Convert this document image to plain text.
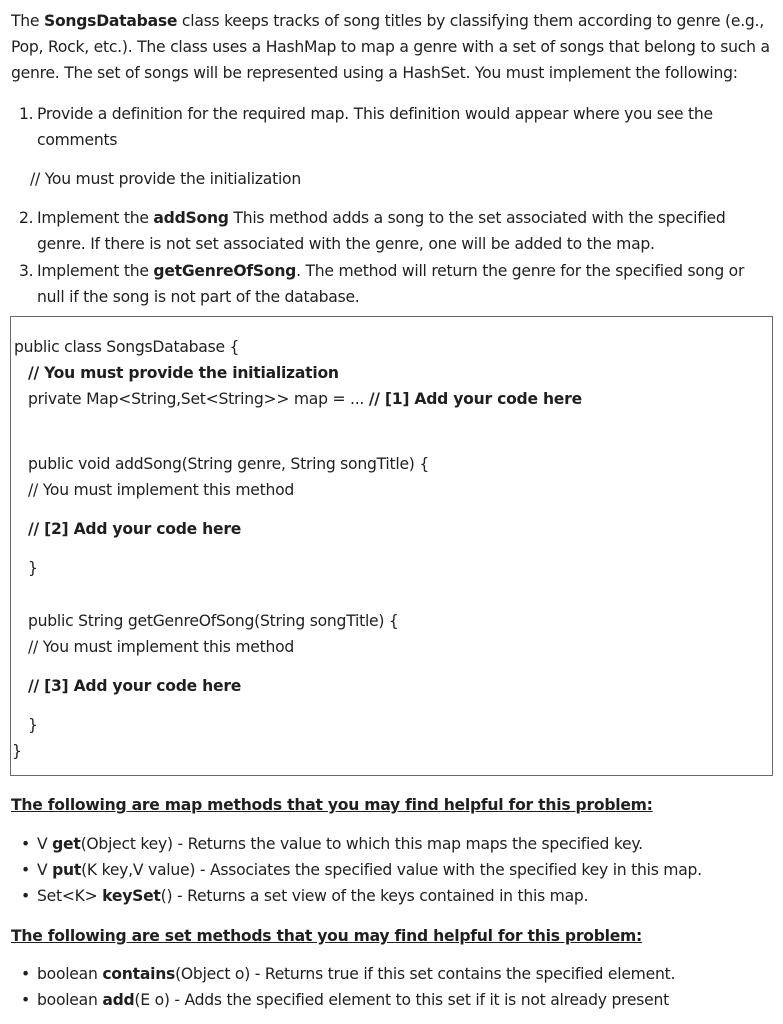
The SongsDatabase class keeps tracks of song titles by classifying them according to genre (e.g., Pop, Rock, etc.). The class uses a HashMap to map a genre with a set of songs that belong to such a genre. The set of songs will be represented using a HashSet. You must implement the following:

1. Provide a definition for the required map. This definition would appear where you see the comments
// You must provide the initialization
2. Implement the addSong This method adds a song to the set associated with the specified genre. If there is not set associated with the genre, one will be added to the map.
3. Implement the getGenreOfSong. The method will return the genre for the specified song or null if the song is not part of the database.
public class SongsDatabase {
// You must provide the initialization
private Map<String,Set<String>> map = ... // [1] Add your code here
public void addSong(String genre, String songTitle) {
// You must implement this method
// [2] Add your code here
}
public String getGenreOfSong(String songTitle) {
// You must implement this method
// [3] Add your code here
}
}
The following are map methods that you may find helpful for this problem:
• V get(Object key) - Returns the value to which this map maps the specified key.
• V put(K key,V value) - Associates the specified value with the specified key in this map.
• Set<K> keySet() - Returns a set view of the keys contained in this map.
The following are set methods that you may find helpful for this problem:
• boolean contains(Object o) - Returns true if this set contains the specified element.
• boolean add(E o) - Adds the specified element to this set if it is not already present
